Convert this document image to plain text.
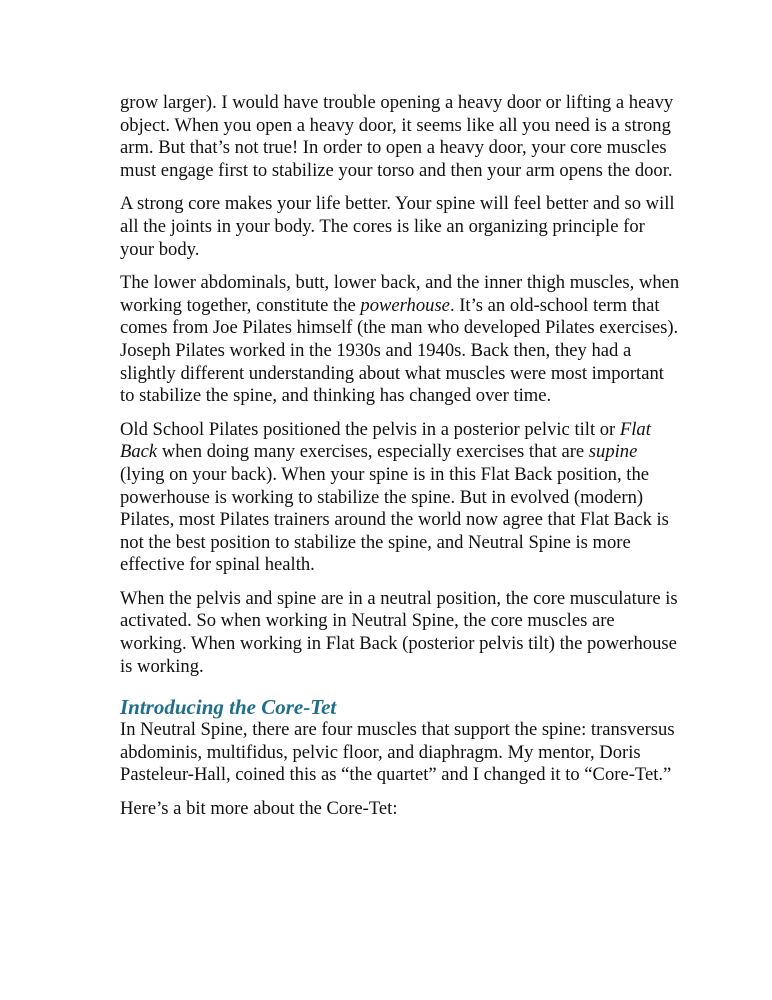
grow larger). I would have trouble opening a heavy door or lifting a heavy object. When you open a heavy door, it seems like all you need is a strong arm. But that’s not true! In order to open a heavy door, your core muscles must engage first to stabilize your torso and then your arm opens the door.

A strong core makes your life better. Your spine will feel better and so will all the joints in your body. The cores is like an organizing principle for your body.

The lower abdominals, butt, lower back, and the inner thigh muscles, when working together, constitute the powerhouse. It’s an old-school term that comes from Joe Pilates himself (the man who developed Pilates exercises). Joseph Pilates worked in the 1930s and 1940s. Back then, they had a slightly different understanding about what muscles were most important to stabilize the spine, and thinking has changed over time.

Old School Pilates positioned the pelvis in a posterior pelvic tilt or Flat Back when doing many exercises, especially exercises that are supine (lying on your back). When your spine is in this Flat Back position, the powerhouse is working to stabilize the spine. But in evolved (modern) Pilates, most Pilates trainers around the world now agree that Flat Back is not the best position to stabilize the spine, and Neutral Spine is more effective for spinal health.

When the pelvis and spine are in a neutral position, the core musculature is activated. So when working in Neutral Spine, the core muscles are working. When working in Flat Back (posterior pelvis tilt) the powerhouse is working.

Introducing the Core-Tet

In Neutral Spine, there are four muscles that support the spine: transversus abdominis, multifidus, pelvic floor, and diaphragm. My mentor, Doris Pasteleur-Hall, coined this as “the quartet” and I changed it to “Core-Tet.”

Here’s a bit more about the Core-Tet:
